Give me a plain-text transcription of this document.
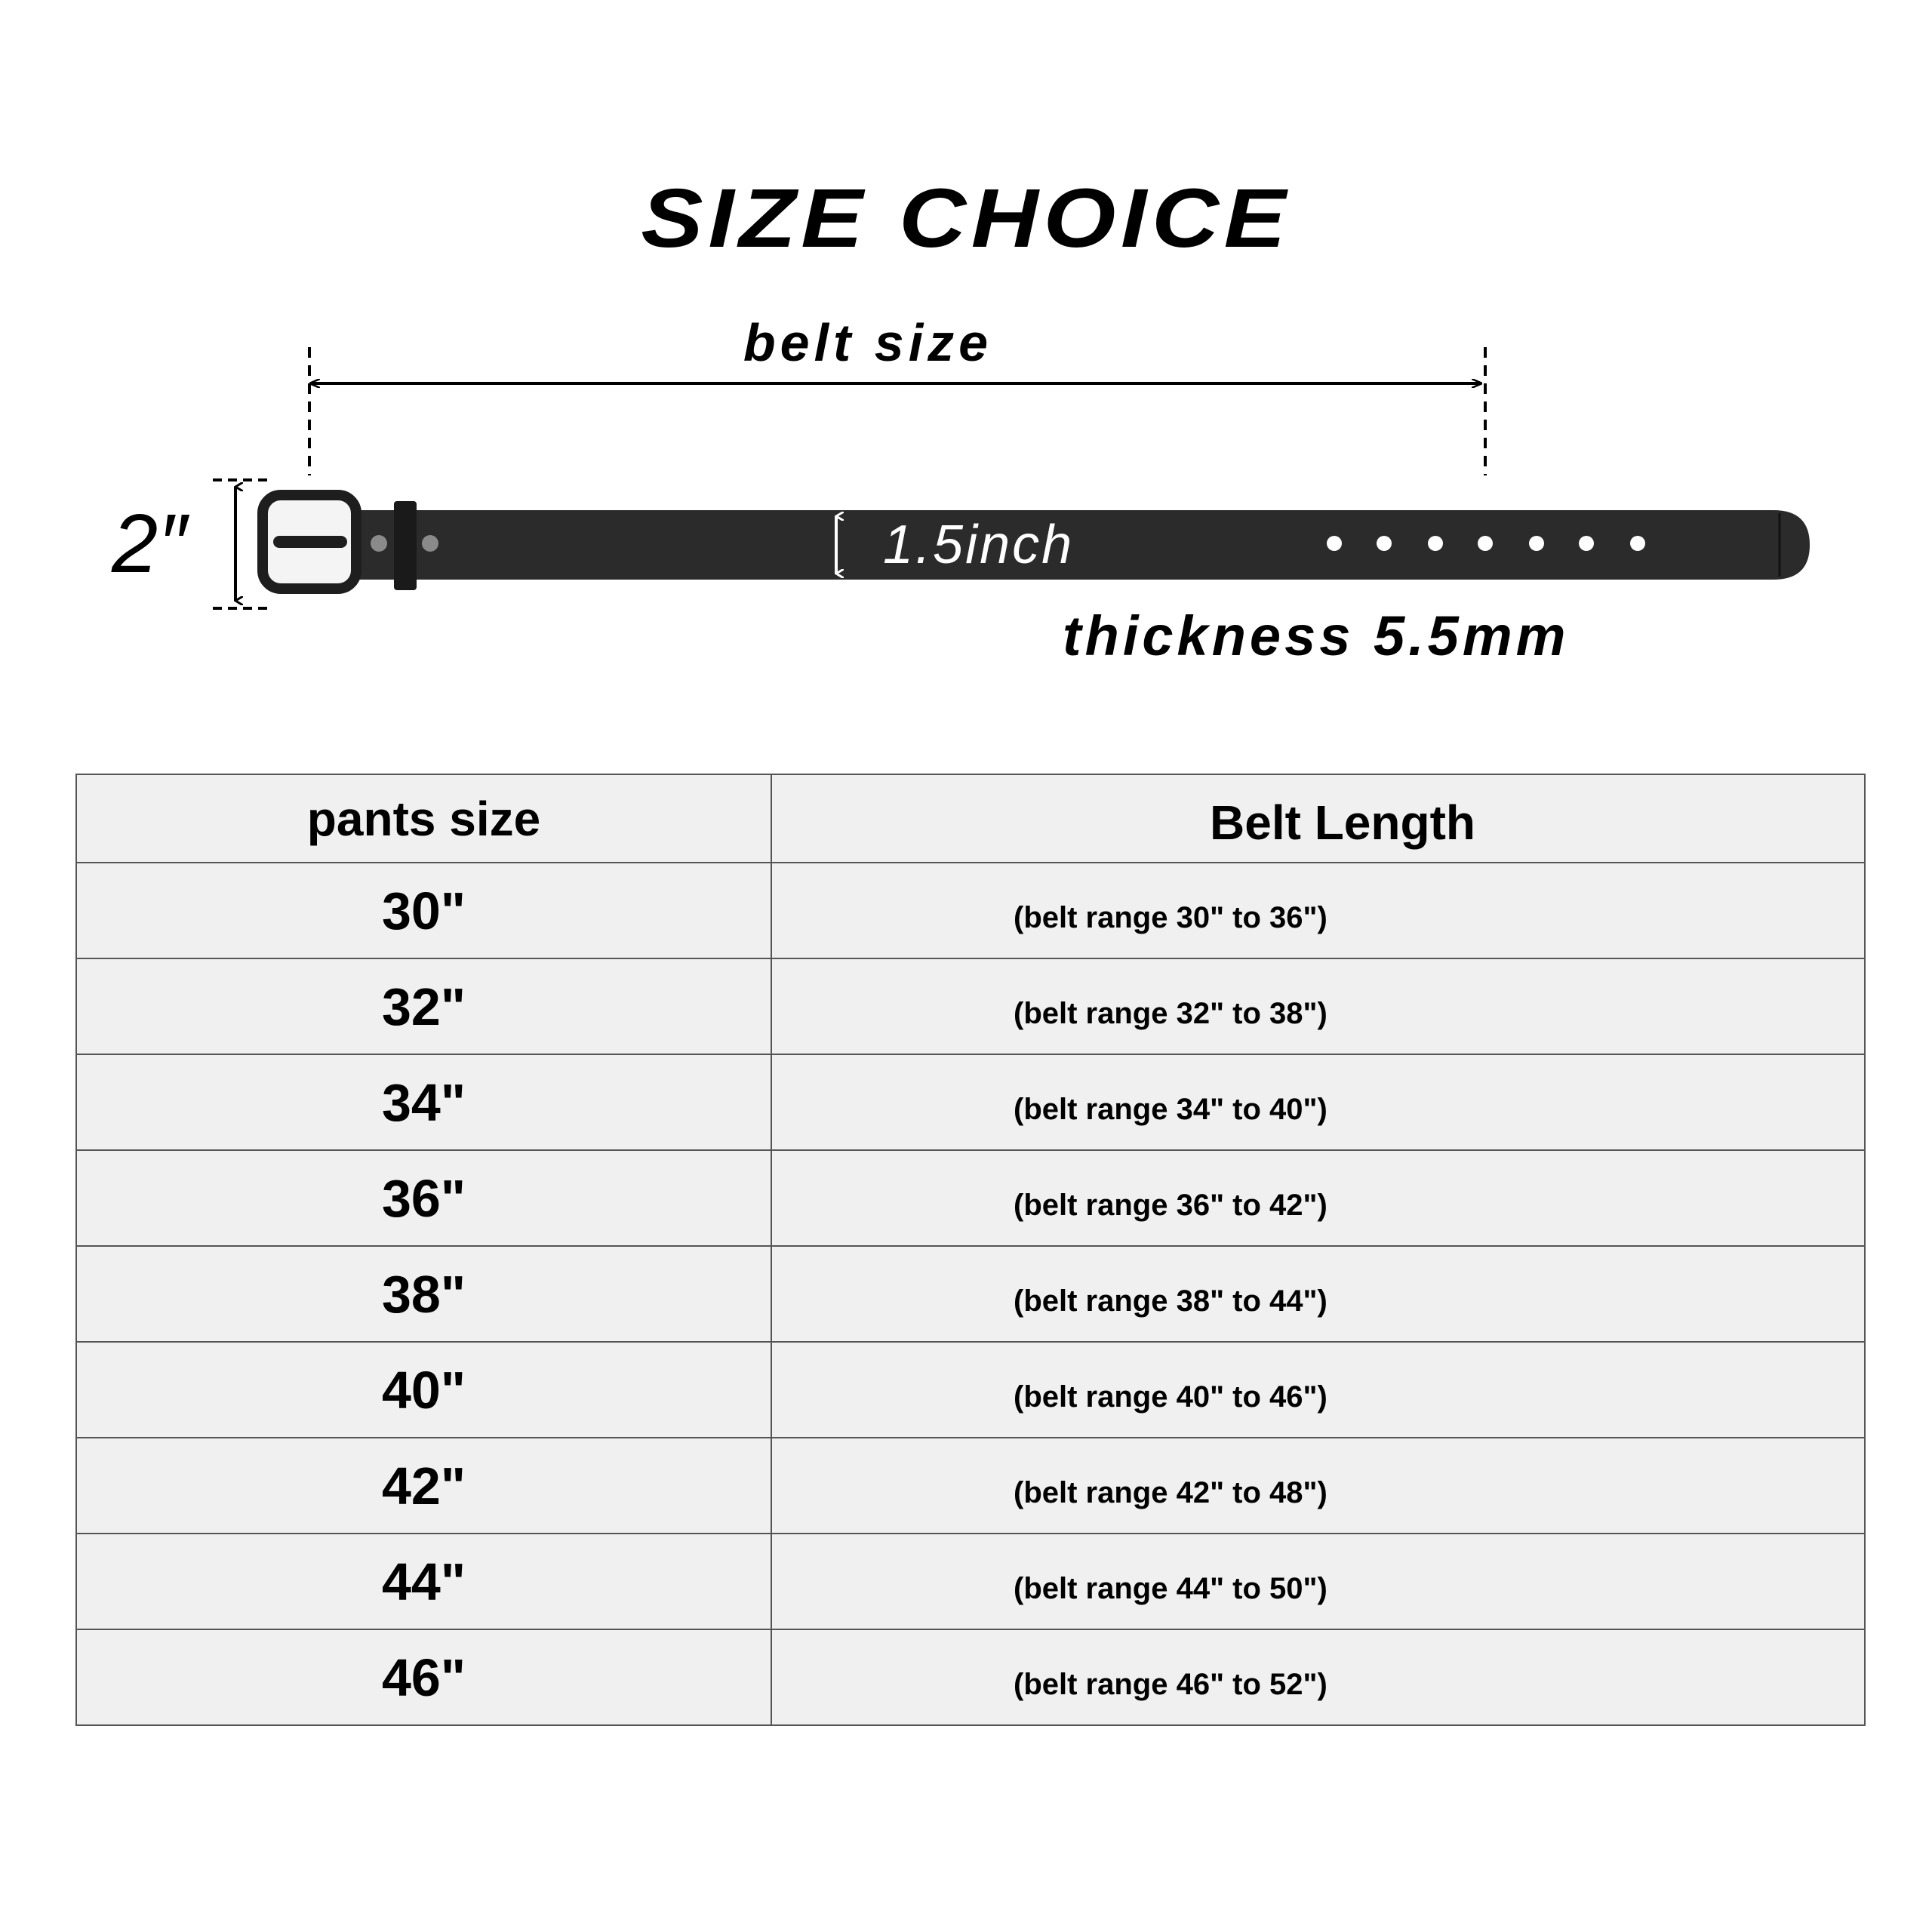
SIZE CHOICE
belt size
2″	1.5inch
thickness 5.5mm
pants size	Belt Length
30"	(belt range 30" to 36")
32"	(belt range 32" to 38")
34"	(belt range 34" to 40")
36"	(belt range 36" to 42")
38"	(belt range 38" to 44")
40"	(belt range 40" to 46")
42"	(belt range 42" to 48")
44"	(belt range 44" to 50")
46"	(belt range 46" to 52")
